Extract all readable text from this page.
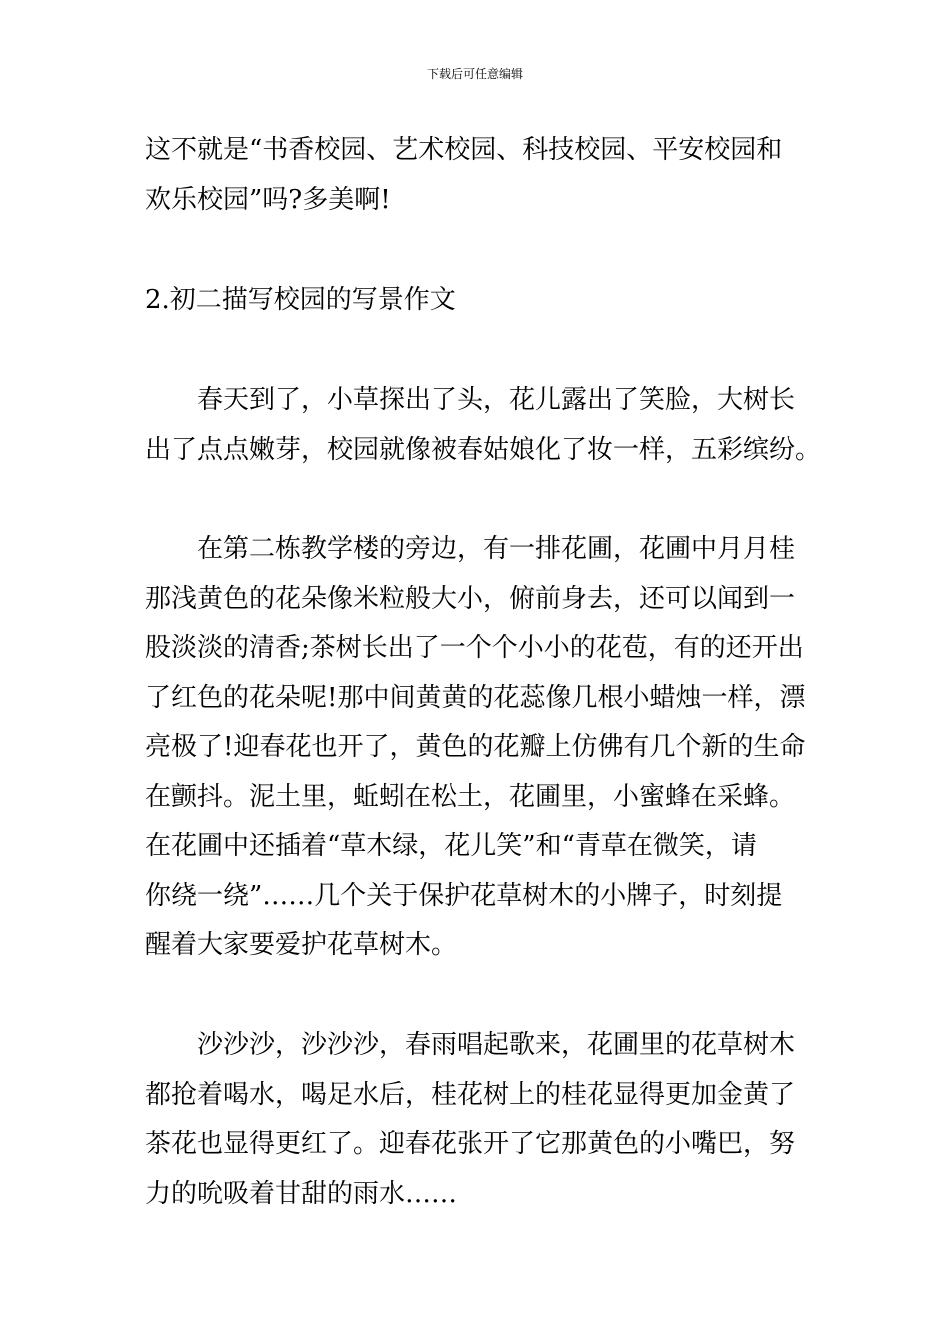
下载后可任意编辑
这不就是“书香校园、艺术校园、科技校园、平安校园和
欢乐校园”吗?多美啊!
2.初二描写校园的写景作文
春天到了，小草探出了头，花儿露出了笑脸，大树长
出了点点嫩芽，校园就像被春姑娘化了妆一样，五彩缤纷。
在第二栋教学楼的旁边，有一排花圃，花圃中月月桂
那浅黄色的花朵像米粒般大小，俯前身去，还可以闻到一
股淡淡的清香;茶树长出了一个个小小的花苞，有的还开出
了红色的花朵呢!那中间黄黄的花蕊像几根小蜡烛一样，漂
亮极了!迎春花也开了，黄色的花瓣上仿佛有几个新的生命
在颤抖。泥土里，蚯蚓在松土，花圃里，小蜜蜂在采蜂。
在花圃中还插着“草木绿，花儿笑”和“青草在微笑，请
你绕一绕”……几个关于保护花草树木的小牌子，时刻提
醒着大家要爱护花草树木。
沙沙沙，沙沙沙，春雨唱起歌来，花圃里的花草树木
都抢着喝水，喝足水后，桂花树上的桂花显得更加金黄了
茶花也显得更红了。迎春花张开了它那黄色的小嘴巴，努
力的吮吸着甘甜的雨水……
